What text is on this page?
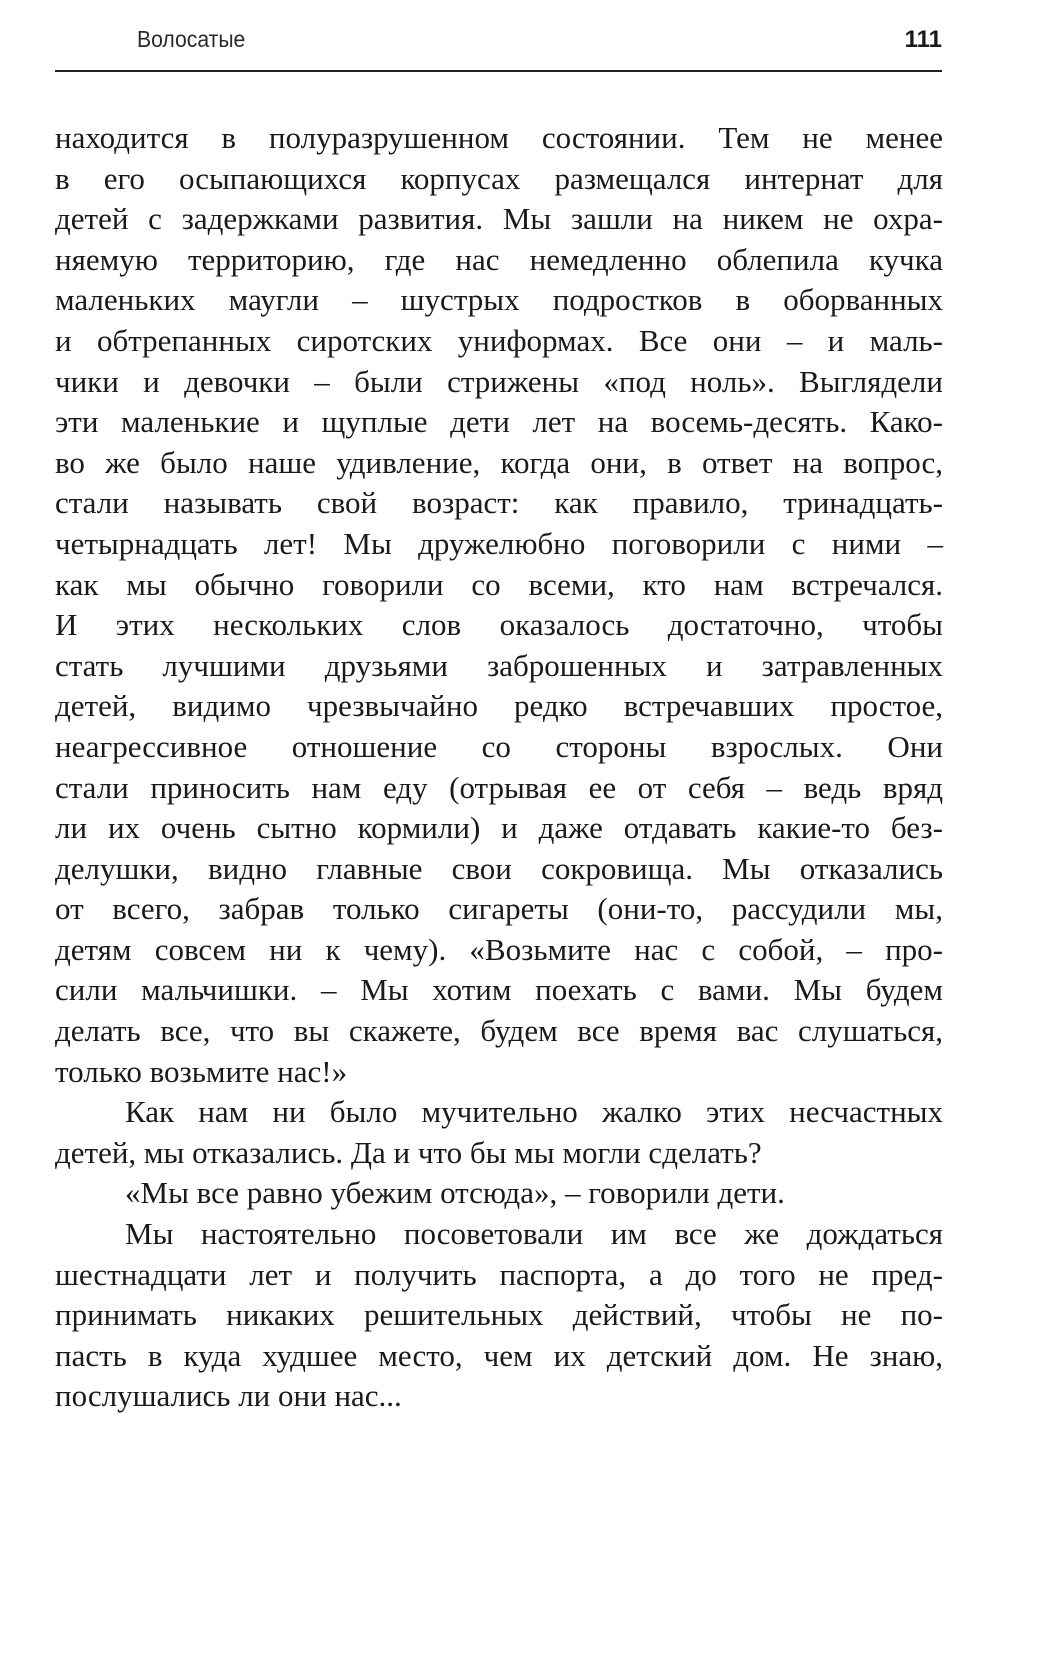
Волосатые	111
находится в полуразрушенном состоянии. Тем не менее
в его осыпающихся корпусах размещался интернат для
детей с задержками развития. Мы зашли на никем не охра-
няемую территорию, где нас немедленно облепила кучка
маленьких маугли – шустрых подростков в оборванных
и обтрепанных сиротских униформах. Все они – и маль-
чики и девочки – были стрижены «под ноль». Выглядели
эти маленькие и щуплые дети лет на восемь-десять. Како-
во же было наше удивление, когда они, в ответ на вопрос,
стали называть свой возраст: как правило, тринадцать-
четырнадцать лет! Мы дружелюбно поговорили с ними –
как мы обычно говорили со всеми, кто нам встречался.
И этих нескольких слов оказалось достаточно, чтобы
стать лучшими друзьями заброшенных и затравленных
детей, видимо чрезвычайно редко встречавших простое,
неагрессивное отношение со стороны взрослых. Они
стали приносить нам еду (отрывая ее от себя – ведь вряд
ли их очень сытно кормили) и даже отдавать какие-то без-
делушки, видно главные свои сокровища. Мы отказались
от всего, забрав только сигареты (они-то, рассудили мы,
детям совсем ни к чему). «Возьмите нас с собой, – про-
сили мальчишки. – Мы хотим поехать с вами. Мы будем
делать все, что вы скажете, будем все время вас слушаться,
только возьмите нас!»
Как нам ни было мучительно жалко этих несчастных
детей, мы отказались. Да и что бы мы могли сделать?
«Мы все равно убежим отсюда», – говорили дети.
Мы настоятельно посоветовали им все же дождаться
шестнадцати лет и получить паспорта, а до того не пред-
принимать никаких решительных действий, чтобы не по-
пасть в куда худшее место, чем их детский дом. Не знаю,
послушались ли они нас...
